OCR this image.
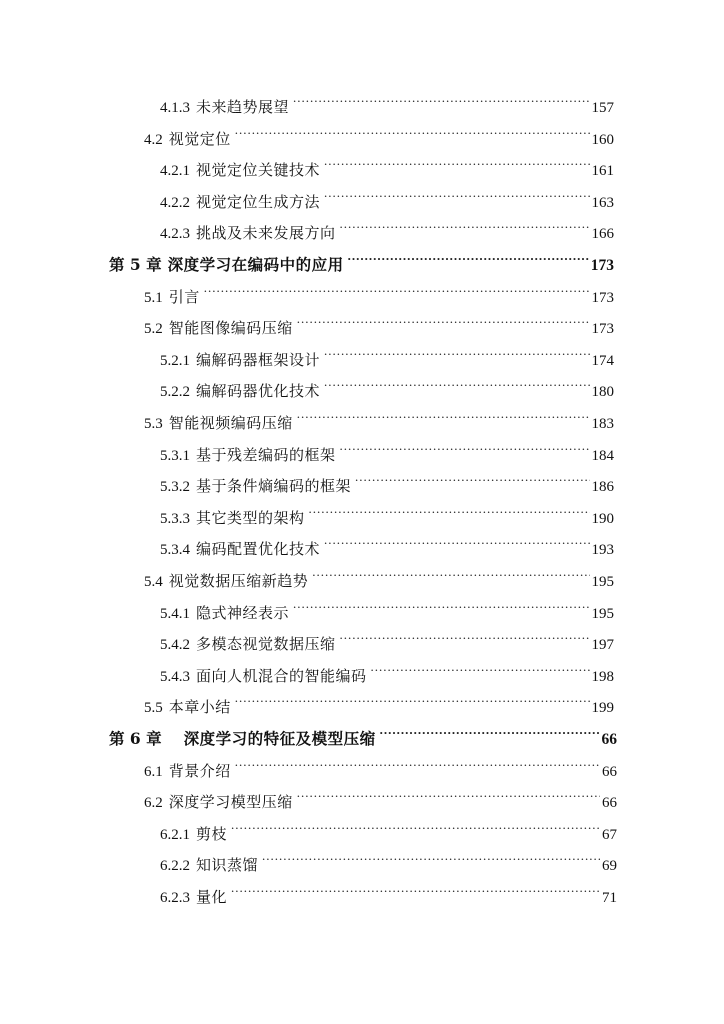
4.1.3 未来趋势展望 .....	157
4.2 视觉定位 .....	160
4.2.1 视觉定位关键技术 .....	161
4.2.2 视觉定位生成方法 .....	163
4.2.3 挑战及未来发展方向 .....	166
第 5 章 深度学习在编码中的应用 .....	173
5.1 引言 .....	173
5.2 智能图像编码压缩 .....	173
5.2.1 编解码器框架设计 .....	174
5.2.2 编解码器优化技术 .....	180
5.3 智能视频编码压缩 .....	183
5.3.1 基于残差编码的框架 .....	184
5.3.2 基于条件熵编码的框架 .....	186
5.3.3 其它类型的架构 .....	190
5.3.4 编码配置优化技术 .....	193
5.4 视觉数据压缩新趋势 .....	195
5.4.1 隐式神经表示 .....	195
5.4.2 多模态视觉数据压缩 .....	197
5.4.3 面向人机混合的智能编码 .....	198
5.5 本章小结 .....	199
第 6 章 深度学习的特征及模型压缩 .....	66
6.1 背景介绍 .....	66
6.2 深度学习模型压缩 .....	66
6.2.1 剪枝 .....	67
6.2.2 知识蒸馏 .....	69
6.2.3 量化 .....	71
